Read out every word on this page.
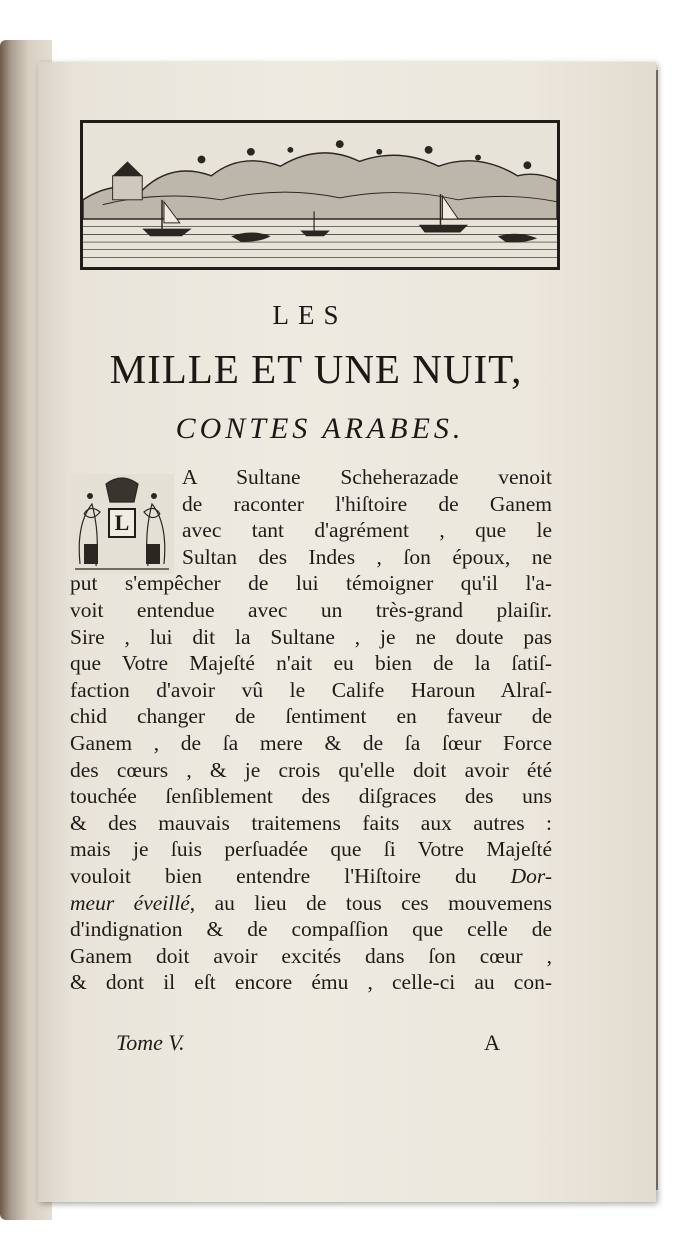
LES
MILLE ET UNE NUIT,
CONTES ARABES.
L
A Sultane Scheherazade venoit
de raconter l'hiſtoire de Ganem
avec tant d'agrément , que le
Sultan des Indes , ſon époux, ne
put s'empêcher de lui témoigner qu'il l'a-
voit entendue avec un très-grand plaiſir.
Sire , lui dit la Sultane , je ne doute pas
que Votre Majeſté n'ait eu bien de la ſatiſ-
faction d'avoir vû le Calife Haroun Alraſ-
chid changer de ſentiment en faveur de
Ganem , de ſa mere & de ſa ſœur Force
des cœurs , & je crois qu'elle doit avoir été
touchée ſenſiblement des diſgraces des uns
& des mauvais traitemens faits aux autres :
mais je ſuis perſuadée que ſi Votre Majeſté
vouloit bien entendre l'Hiſtoire du Dor-
meur éveillé, au lieu de tous ces mouvemens
d'indignation & de compaſſion que celle de
Ganem doit avoir excités dans ſon cœur ,
& dont il eſt encore ému , celle-ci au con-
Tome V.	A
